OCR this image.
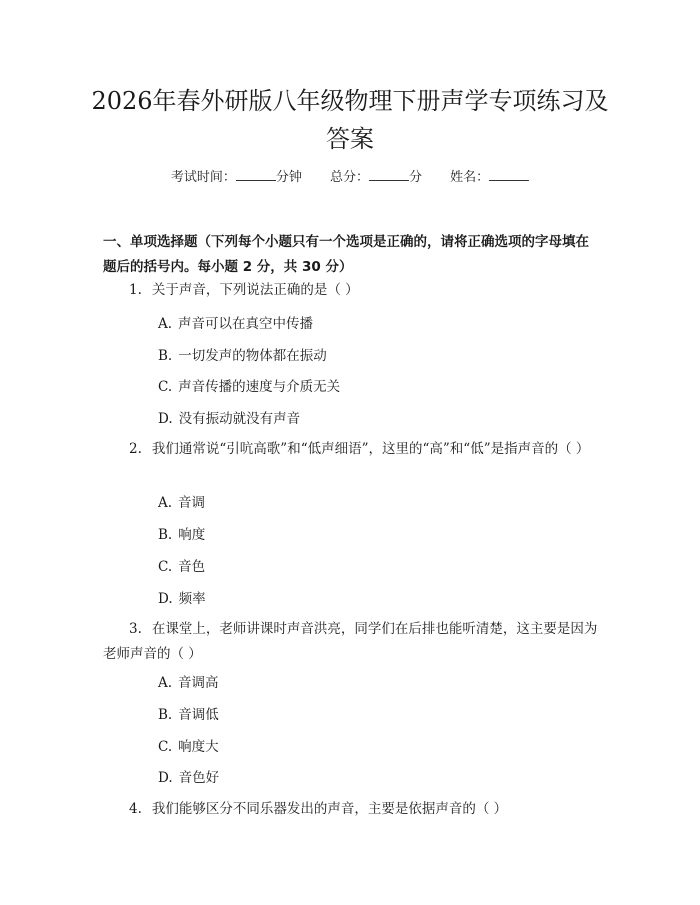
2026年春外研版八年级物理下册声学专项练习及答案
考试时间：	分钟 总分：	分 姓名：
一、单项选择题（下列每个小题只有一个选项是正确的，请将正确选项的字母填在题后的括号内。每小题 2 分，共 30 分）
1. 关于声音，下列说法正确的是（ ）
A. 声音可以在真空中传播
B. 一切发声的物体都在振动
C. 声音传播的速度与介质无关
D. 没有振动就没有声音
2. 我们通常说“引吭高歌”和“低声细语”，这里的“高”和“低”是指声音的（ ）
A. 音调
B. 响度
C. 音色
D. 频率
3. 在课堂上，老师讲课时声音洪亮，同学们在后排也能听清楚，这主要是因为老师声音的（ ）
A. 音调高
B. 音调低
C. 响度大
D. 音色好
4. 我们能够区分不同乐器发出的声音，主要是依据声音的（ ）
